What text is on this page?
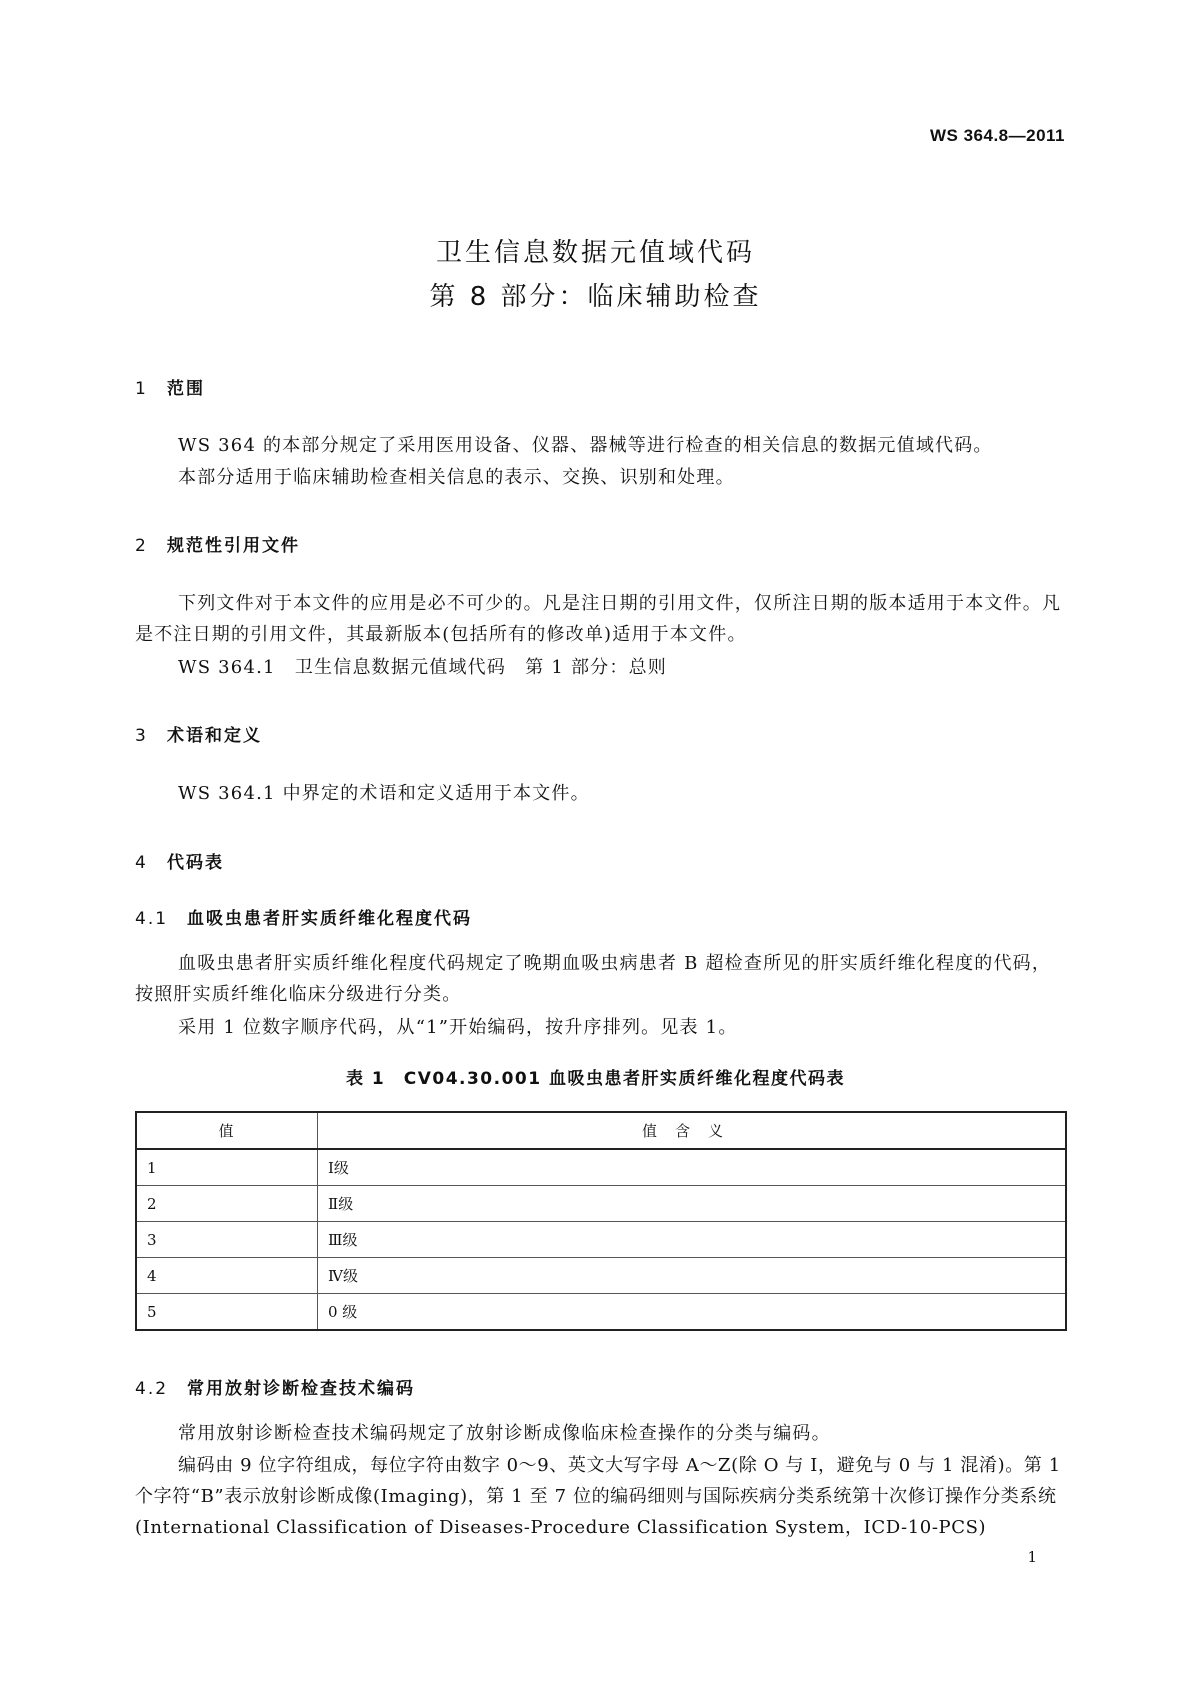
WS 364.8—2011
卫生信息数据元值域代码
第 8 部分：临床辅助检查
1 范围
WS 364 的本部分规定了采用医用设备、仪器、器械等进行检查的相关信息的数据元值域代码。
本部分适用于临床辅助检查相关信息的表示、交换、识别和处理。
2 规范性引用文件
下列文件对于本文件的应用是必不可少的。凡是注日期的引用文件，仅所注日期的版本适用于本文件。凡是不注日期的引用文件，其最新版本(包括所有的修改单)适用于本文件。
WS 364.1　卫生信息数据元值域代码　第 1 部分：总则
3 术语和定义
WS 364.1 中界定的术语和定义适用于本文件。
4 代码表
4.1 血吸虫患者肝实质纤维化程度代码
血吸虫患者肝实质纤维化程度代码规定了晚期血吸虫病患者 B 超检查所见的肝实质纤维化程度的代码，按照肝实质纤维化临床分级进行分类。
采用 1 位数字顺序代码，从“1”开始编码，按升序排列。见表 1。
表 1　CV04.30.001 血吸虫患者肝实质纤维化程度代码表
值	值含义
1	Ⅰ级
2	Ⅱ级
3	Ⅲ级
4	Ⅳ级
5	0 级
4.2 常用放射诊断检查技术编码
常用放射诊断检查技术编码规定了放射诊断成像临床检查操作的分类与编码。
编码由 9 位字符组成，每位字符由数字 0～9、英文大写字母 A～Z(除 O 与 I，避免与 0 与 1 混淆)。第 1 个字符“B”表示放射诊断成像(Imaging)，第 1 至 7 位的编码细则与国际疾病分类系统第十次修订操作分类系统(International Classification of Diseases-Procedure Classification System，ICD-10-PCS)
1
